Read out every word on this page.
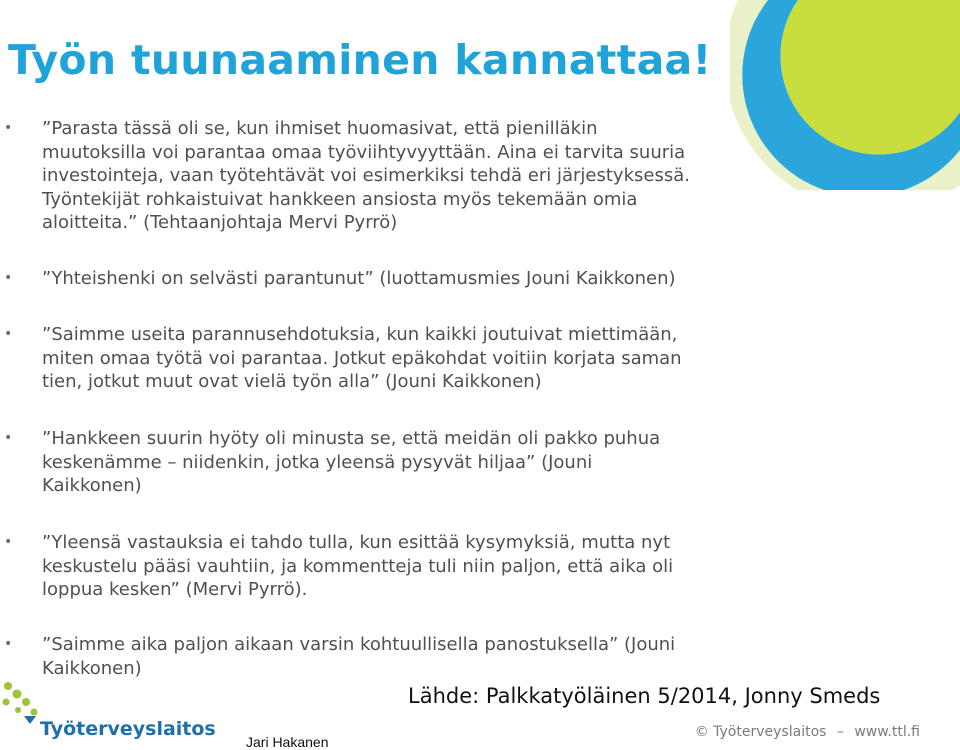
Työn tuunaaminen kannattaa!

• ”Parasta tässä oli se, kun ihmiset huomasivat, että pienilläkin
muutoksilla voi parantaa omaa työviihtyvyyttään. Aina ei tarvita suuria
investointeja, vaan työtehtävät voi esimerkiksi tehdä eri järjestyksessä.
Työntekijät rohkaistuivat hankkeen ansiosta myös tekemään omia
aloitteita.” (Tehtaanjohtaja Mervi Pyrrö)

• ”Yhteishenki on selvästi parantunut” (luottamusmies Jouni Kaikkonen)

• ”Saimme useita parannusehdotuksia, kun kaikki joutuivat miettimään,
miten omaa työtä voi parantaa. Jotkut epäkohdat voitiin korjata saman
tien, jotkut muut ovat vielä työn alla” (Jouni Kaikkonen)

• ”Hankkeen suurin hyöty oli minusta se, että meidän oli pakko puhua
keskenämme – niidenkin, jotka yleensä pysyvät hiljaa” (Jouni
Kaikkonen)

• ”Yleensä vastauksia ei tahdo tulla, kun esittää kysymyksiä, mutta nyt
keskustelu pääsi vauhtiin, ja kommentteja tuli niin paljon, että aika oli
loppua kesken” (Mervi Pyrrö).

• ”Saimme aika paljon aikaan varsin kohtuullisella panostuksella” (Jouni
Kaikkonen)

Lähde: Palkkatyöläinen 5/2014, Jonny Smeds

Työterveyslaitos
Jari Hakanen
© Työterveyslaitos – www.ttl.fi
